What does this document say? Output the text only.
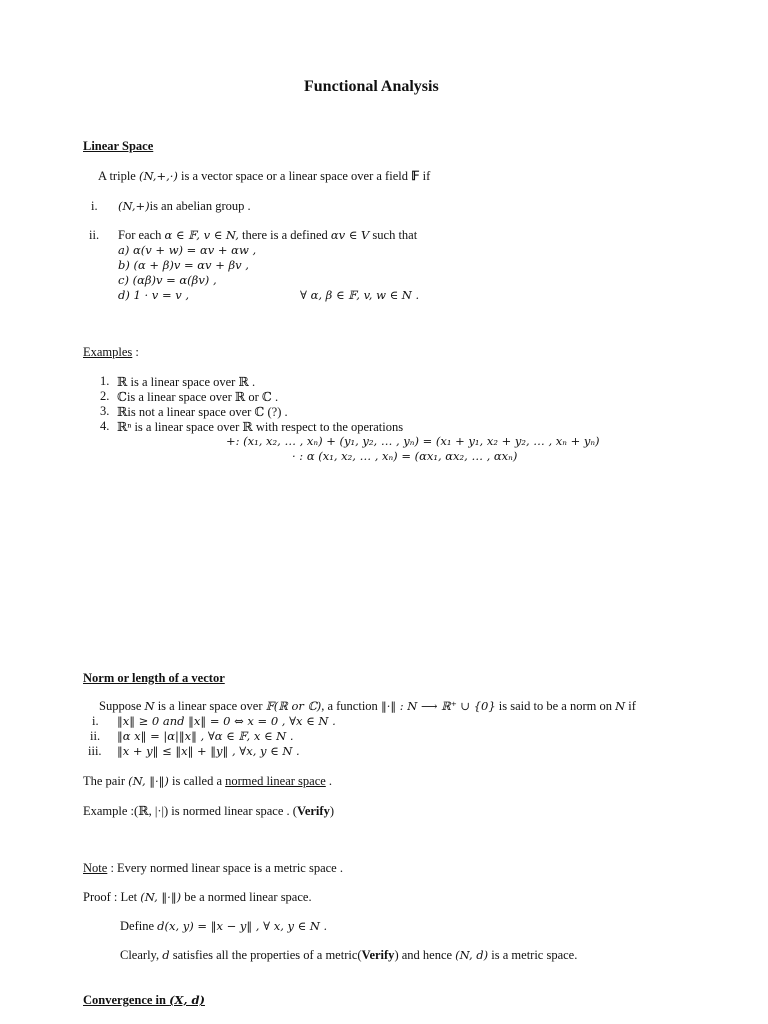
Functional Analysis
Linear Space
A triple (N,+,·) is a vector space or a linear space over a field 𝔽 if
i. (N,+)is an abelian group .
ii. For each α ∈ 𝔽, v ∈ N, there is a defined αv ∈ V such that
a) α(v + w) = αv + αw ,
b) (α + β)v = αv + βv ,
c) (αβ)v = α(βv) ,
d) 1 · v = v ,	∀ α, β ∈ 𝔽, v, w ∈ N .
Examples :
1. ℝ is a linear space over ℝ .
2. ℂis a linear space over ℝ or ℂ .
3. ℝis not a linear space over ℂ (?) .
4. ℝⁿ is a linear space over ℝ with respect to the operations
+: (x₁, x₂, … , xₙ) + (y₁, y₂, … , yₙ) = (x₁ + y₁, x₂ + y₂, … , xₙ + yₙ)
· : α (x₁, x₂, … , xₙ) = (αx₁, αx₂, … , αxₙ)
Norm or length of a vector
Suppose N is a linear space over 𝔽(ℝ or ℂ), a function ‖·‖ : N ⟶ ℝ⁺ ∪ {0} is said to be a norm on N if
i. ‖x‖ ≥ 0 and ‖x‖ = 0 ⇔ x = 0 , ∀x ∈ N .
ii. ‖α x‖ = |α|‖x‖ , ∀α ∈ 𝔽, x ∈ N .
iii. ‖x + y‖ ≤ ‖x‖ + ‖y‖ , ∀x, y ∈ N .
The pair (N, ‖·‖) is called a normed linear space .
Example :(ℝ, |·|) is normed linear space . (Verify)
Note : Every normed linear space is a metric space .
Proof : Let (N, ‖·‖) be a normed linear space.
Define d(x, y) = ‖x − y‖ , ∀ x, y ∈ N .
Clearly, d satisfies all the properties of a metric(Verify) and hence (N, d) is a metric space.
Convergence in (X, d)
